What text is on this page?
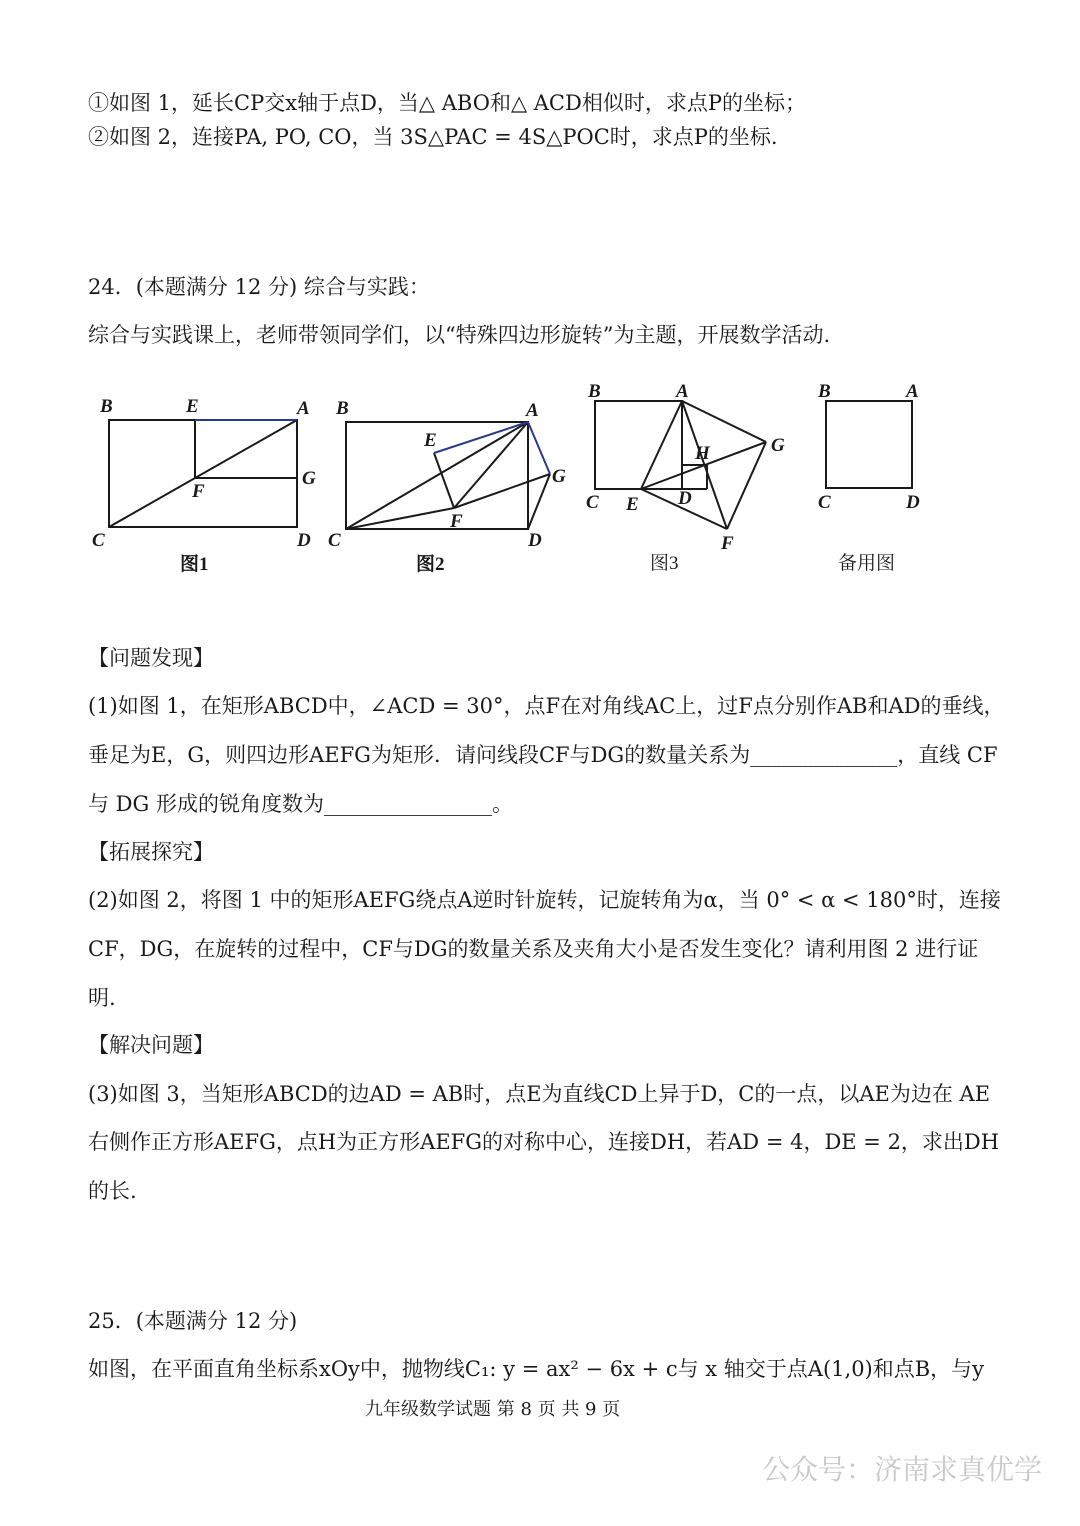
①如图 1，延长CP交x轴于点D，当△ ABO和△ ACD相似时，求点P的坐标；
②如图 2，连接PA, PO, CO，当 3S△PAC = 4S△POC时，求点P的坐标.
24．(本题满分 12 分) 综合与实践：
综合与实践课上，老师带领同学们，以“特殊四边形旋转”为主题，开展数学活动.
B	E	A
G
F
C	D
图1
B	A
E
G
F
C	D
图2
B	A
G
H
C E D
F
图3
B	A
C	D
备用图
【问题发现】
(1)如图 1，在矩形ABCD中，∠ACD = 30°，点F在对角线AC上，过F点分别作AB和AD的垂线，
垂足为E，G，则四边形AEFG为矩形．请问线段CF与DG的数量关系为______________，直线 CF
与 DG 形成的锐角度数为________________。
【拓展探究】
(2)如图 2，将图 1 中的矩形AEFG绕点A逆时针旋转，记旋转角为α，当 0° < α < 180°时，连接
CF，DG，在旋转的过程中，CF与DG的数量关系及夹角大小是否发生变化？请利用图 2 进行证
明.
【解决问题】
(3)如图 3，当矩形ABCD的边AD = AB时，点E为直线CD上异于D，C的一点，以AE为边在 AE
右侧作正方形AEFG，点H为正方形AEFG的对称中心，连接DH，若AD = 4，DE = 2，求出DH
的长.
25．(本题满分 12 分)
如图，在平面直角坐标系xOy中，抛物线C₁: y = ax² − 6x + c与 x 轴交于点A(1,0)和点B，与y
九年级数学试题 第 8 页 共 9 页
公众号：济南求真优学
